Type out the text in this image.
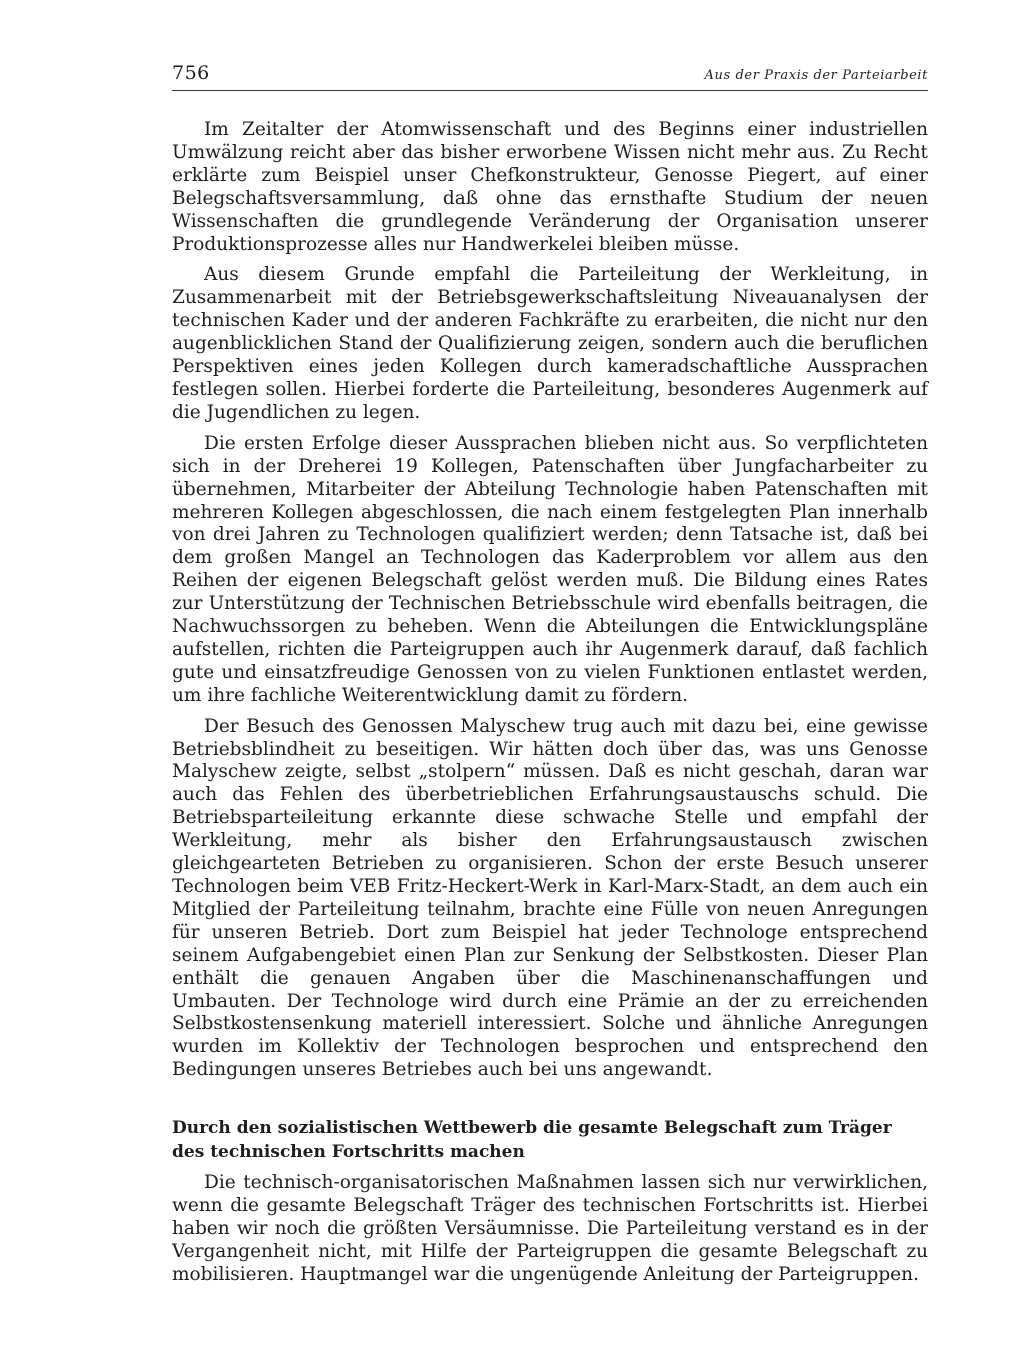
756	Aus der Praxis der Parteiarbeit

Im Zeitalter der Atomwissenschaft und des Beginns einer industriellen Umwälzung reicht aber das bisher erworbene Wissen nicht mehr aus. Zu Recht erklärte zum Beispiel unser Chefkonstrukteur, Genosse Piegert, auf einer Belegschaftsversammlung, daß ohne das ernsthafte Studium der neuen Wissenschaften die grundlegende Veränderung der Organisation unserer Produktionsprozesse alles nur Handwerkelei bleiben müsse.

Aus diesem Grunde empfahl die Parteileitung der Werkleitung, in Zusammenarbeit mit der Betriebsgewerkschaftsleitung Niveauanalysen der technischen Kader und der anderen Fachkräfte zu erarbeiten, die nicht nur den augenblicklichen Stand der Qualifizierung zeigen, sondern auch die beruflichen Perspektiven eines jeden Kollegen durch kameradschaftliche Aussprachen festlegen sollen. Hierbei forderte die Parteileitung, besonderes Augenmerk auf die Jugendlichen zu legen.

Die ersten Erfolge dieser Aussprachen blieben nicht aus. So verpflichteten sich in der Dreherei 19 Kollegen, Patenschaften über Jungfacharbeiter zu übernehmen, Mitarbeiter der Abteilung Technologie haben Patenschaften mit mehreren Kollegen abgeschlossen, die nach einem festgelegten Plan innerhalb von drei Jahren zu Technologen qualifiziert werden; denn Tatsache ist, daß bei dem großen Mangel an Technologen das Kaderproblem vor allem aus den Reihen der eigenen Belegschaft gelöst werden muß. Die Bildung eines Rates zur Unterstützung der Technischen Betriebsschule wird ebenfalls beitragen, die Nachwuchssorgen zu beheben. Wenn die Abteilungen die Entwicklungspläne aufstellen, richten die Parteigruppen auch ihr Augenmerk darauf, daß fachlich gute und einsatzfreudige Genossen von zu vielen Funktionen entlastet werden, um ihre fachliche Weiterentwicklung damit zu fördern.

Der Besuch des Genossen Malyschew trug auch mit dazu bei, eine gewisse Betriebsblindheit zu beseitigen. Wir hätten doch über das, was uns Genosse Malyschew zeigte, selbst „stolpern“ müssen. Daß es nicht geschah, daran war auch das Fehlen des überbetrieblichen Erfahrungsaustauschs schuld. Die Betriebsparteileitung erkannte diese schwache Stelle und empfahl der Werkleitung, mehr als bisher den Erfahrungsaustausch zwischen gleichgearteten Betrieben zu organisieren. Schon der erste Besuch unserer Technologen beim VEB Fritz-Heckert-Werk in Karl-Marx-Stadt, an dem auch ein Mitglied der Parteileitung teilnahm, brachte eine Fülle von neuen Anregungen für unseren Betrieb. Dort zum Beispiel hat jeder Technologe entsprechend seinem Aufgabengebiet einen Plan zur Senkung der Selbstkosten. Dieser Plan enthält die genauen Angaben über die Maschinenanschaffungen und Umbauten. Der Technologe wird durch eine Prämie an der zu erreichenden Selbstkostensenkung materiell interessiert. Solche und ähnliche Anregungen wurden im Kollektiv der Technologen besprochen und entsprechend den Bedingungen unseres Betriebes auch bei uns angewandt.

Durch den sozialistischen Wettbewerb die gesamte Belegschaft zum Träger des technischen Fortschritts machen

Die technisch-organisatorischen Maßnahmen lassen sich nur verwirklichen, wenn die gesamte Belegschaft Träger des technischen Fortschritts ist. Hierbei haben wir noch die größten Versäumnisse. Die Parteileitung verstand es in der Vergangenheit nicht, mit Hilfe der Parteigruppen die gesamte Belegschaft zu mobilisieren. Hauptmangel war die ungenügende Anleitung der Parteigruppen.
